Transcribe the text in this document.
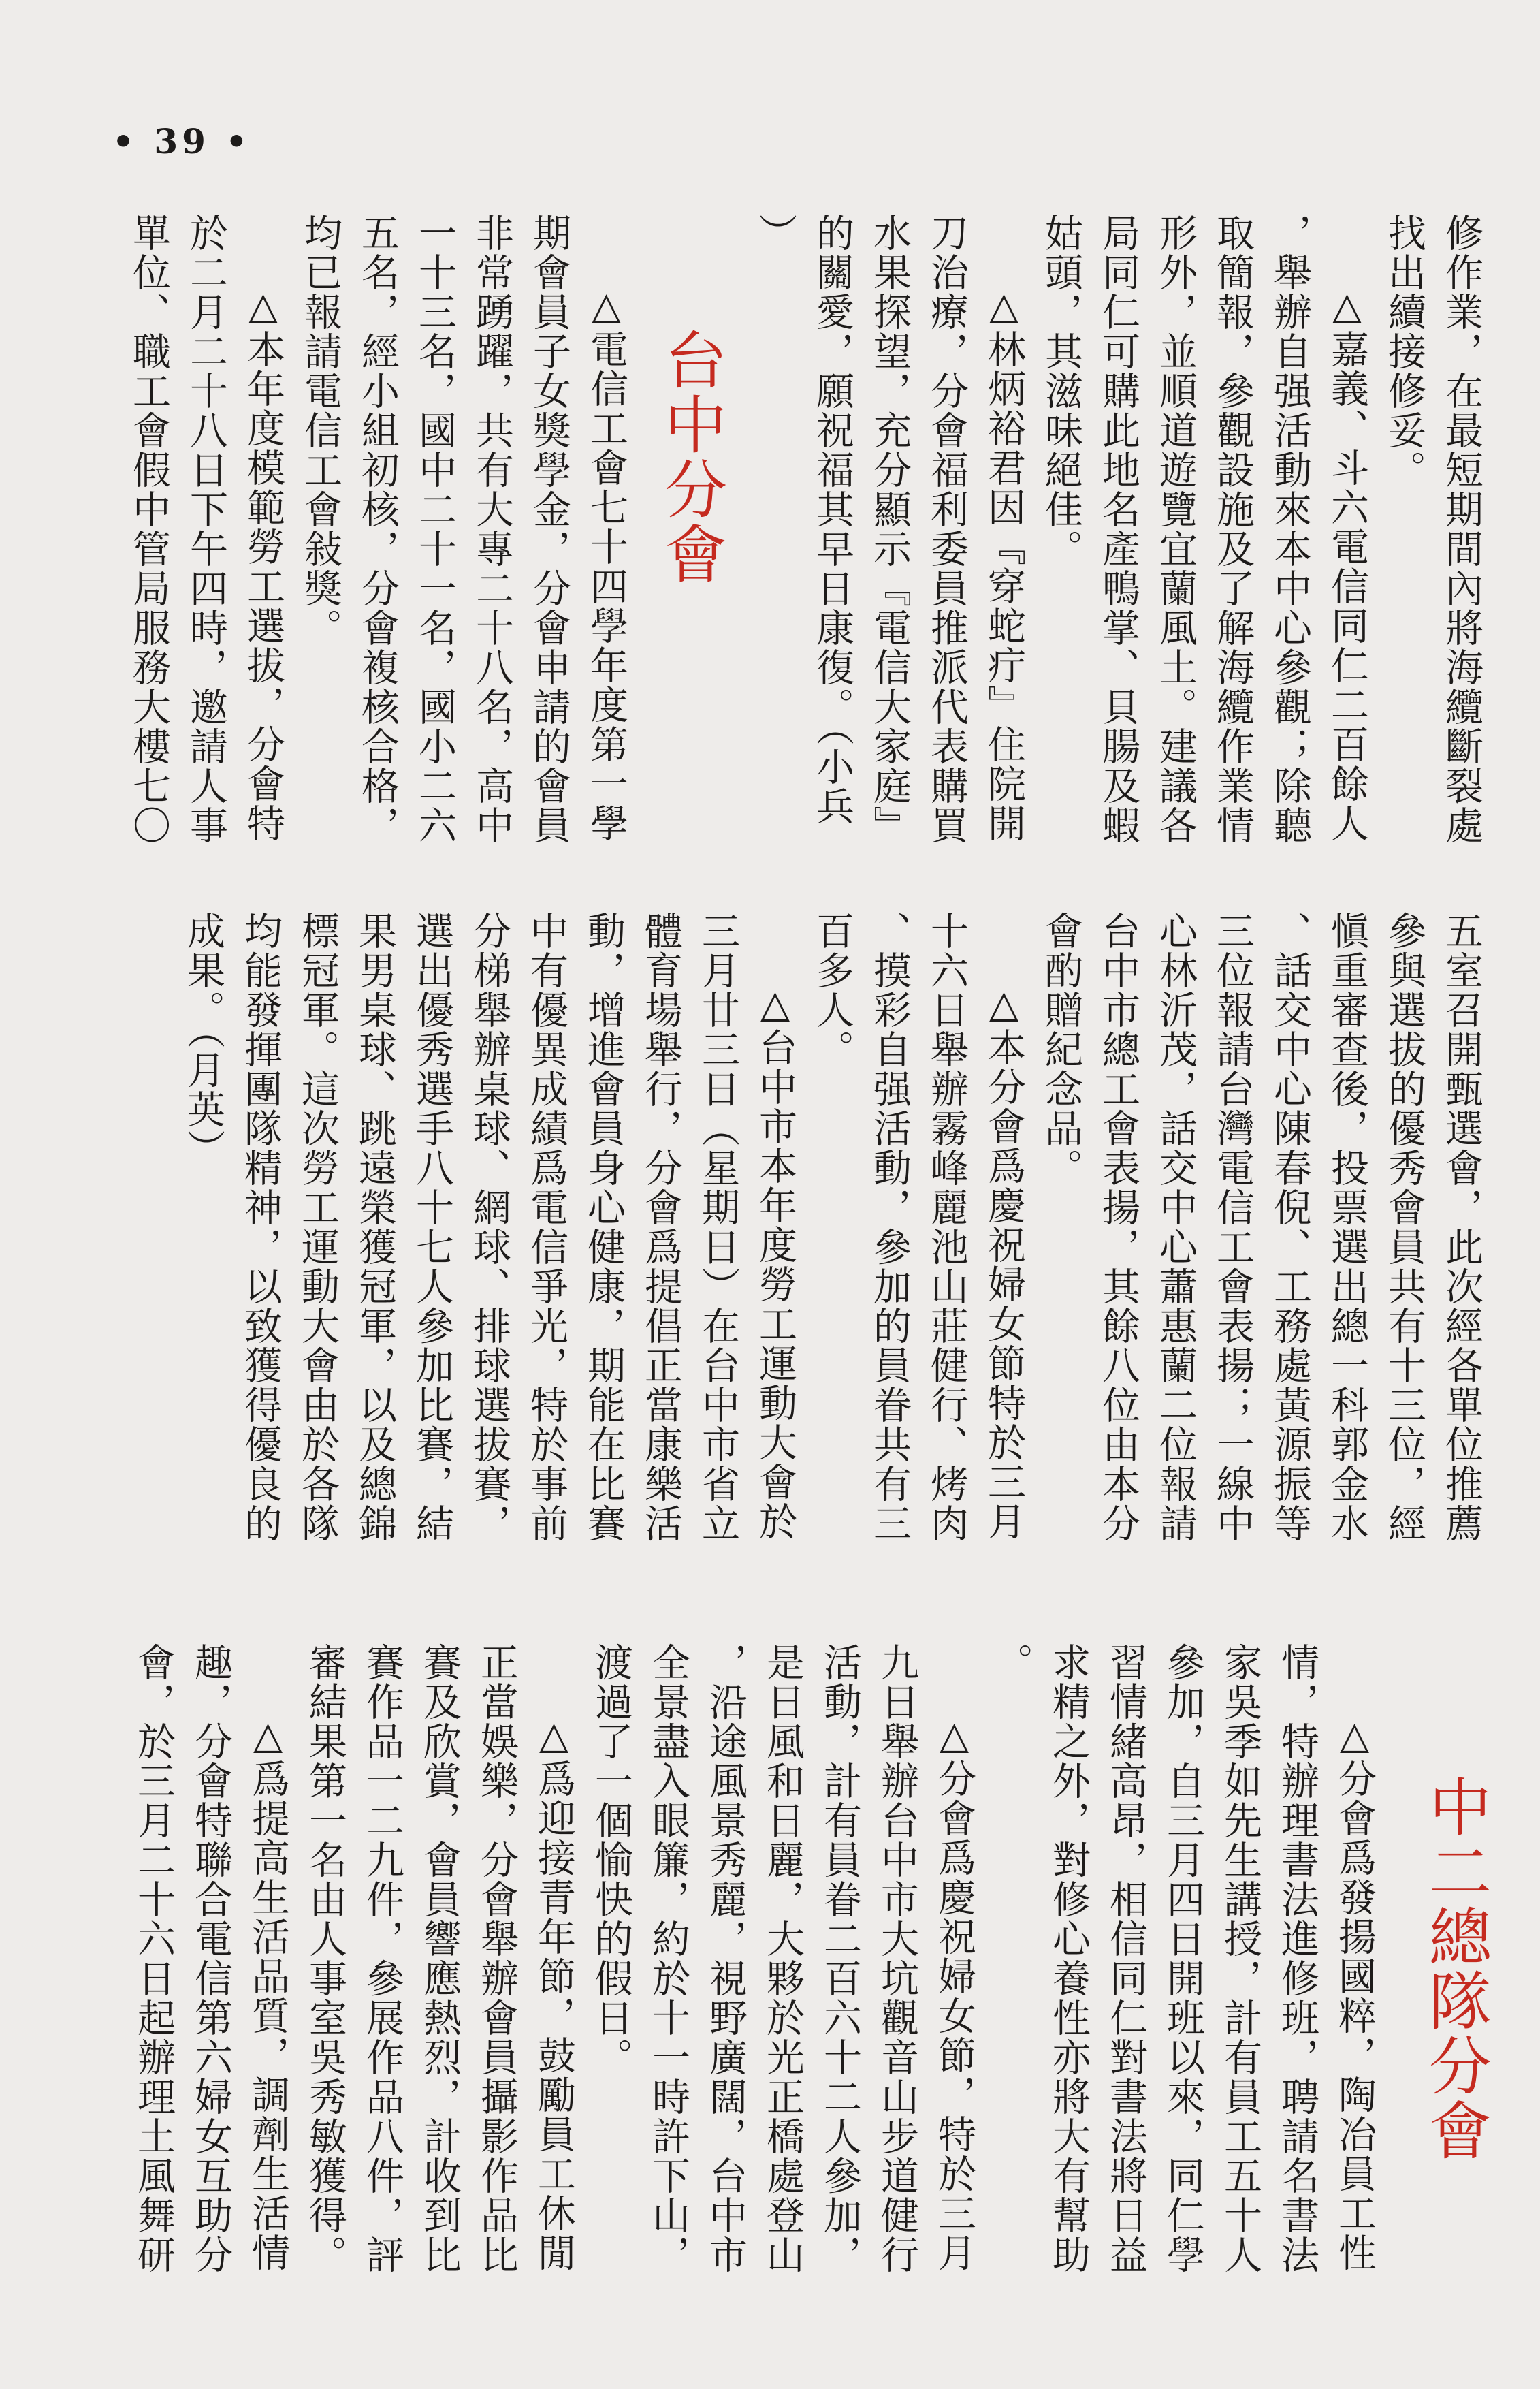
• 39 •
修作業，在最短期間內將海纜斷裂處
找出續接修妥。
△嘉義、斗六電信同仁二百餘人
，舉辦自强活動來本中心參觀；除聽
取簡報，參觀設施及了解海纜作業情
形外，並順道遊覽宜蘭風土。建議各
局同仁可購此地名產鴨掌、貝腸及蝦
姑頭，其滋味絕佳。
△林炳裕君因『穿蛇疔』住院開
刀治療，分會福利委員推派代表購買
水果探望，充分顯示『電信大家庭』
的關愛，願祝福其早日康復。（小兵
）
台中分會
△電信工會七十四學年度第一學
期會員子女獎學金，分會申請的會員
非常踴躍，共有大專二十八名，高中
一十三名，國中二十一名，國小二六
五名，經小組初核，分會複核合格，
均已報請電信工會敍獎。
△本年度模範勞工選拔，分會特
於二月二十八日下午四時，邀請人事
單位、職工會假中管局服務大樓七〇
五室召開甄選會，此次經各單位推薦
參與選拔的優秀會員共有十三位，經
愼重審查後，投票選出總一科郭金水
、話交中心陳春倪、工務處黃源振等
三位報請台灣電信工會表揚；一線中
心林沂茂，話交中心蕭惠蘭二位報請
台中市總工會表揚，其餘八位由本分
會酌贈紀念品。
△本分會爲慶祝婦女節特於三月
十六日舉辦霧峰麗池山莊健行、烤肉
、摸彩自强活動，參加的員眷共有三
百多人。
△台中市本年度勞工運動大會於
三月廿三日（星期日）在台中市省立
體育場舉行，分會爲提倡正當康樂活
動，增進會員身心健康，期能在比賽
中有優異成績爲電信爭光，特於事前
分梯舉辦桌球、網球、排球選拔賽，
選出優秀選手八十七人參加比賽，結
果男桌球、跳遠榮獲冠軍，以及總錦
標冠軍。這次勞工運動大會由於各隊
均能發揮團隊精神，以致獲得優良的
成果。（月英）
中二總隊分會
△分會爲發揚國粹，陶冶員工性
情，特辦理書法進修班，聘請名書法
家吳季如先生講授，計有員工五十人
參加，自三月四日開班以來，同仁學
習情緒高昂，相信同仁對書法將日益
求精之外，對修心養性亦將大有幫助
。
△分會爲慶祝婦女節，特於三月
九日舉辦台中市大坑觀音山步道健行
活動，計有員眷二百六十二人參加，
是日風和日麗，大夥於光正橋處登山
，沿途風景秀麗，視野廣闊，台中市
全景盡入眼簾，約於十一時許下山，
渡過了一個愉快的假日。
△爲迎接青年節，鼓勵員工休閒
正當娛樂，分會舉辦會員攝影作品比
賽及欣賞，會員響應熱烈，計收到比
賽作品一二九件，參展作品八件，評
審結果第一名由人事室吳秀敏獲得。
△爲提高生活品質，調劑生活情
趣，分會特聯合電信第六婦女互助分
會，於三月二十六日起辦理土風舞研
